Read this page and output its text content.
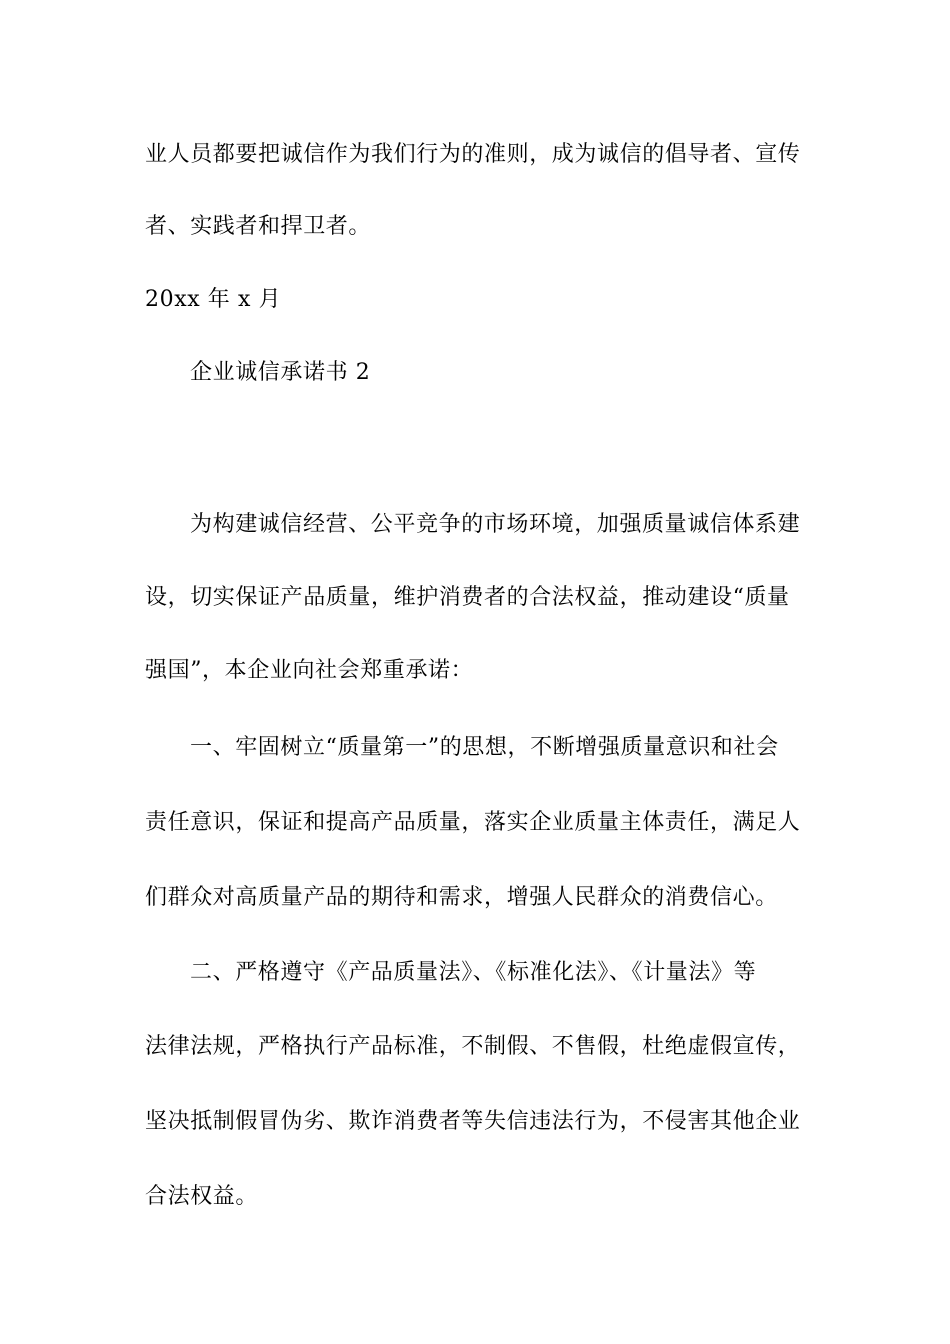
业人员都要把诚信作为我们行为的准则，成为诚信的倡导者、宣传
者、实践者和捍卫者。
20xx 年 x 月
企业诚信承诺书 2
为构建诚信经营、公平竞争的市场环境，加强质量诚信体系建
设，切实保证产品质量，维护消费者的合法权益，推动建设“质量
强国”，本企业向社会郑重承诺：
一、牢固树立“质量第一”的思想，不断增强质量意识和社会
责任意识，保证和提高产品质量，落实企业质量主体责任，满足人
们群众对高质量产品的期待和需求，增强人民群众的消费信心。
二、严格遵守《产品质量法》、《标准化法》、《计量法》等
法律法规，严格执行产品标准，不制假、不售假，杜绝虚假宣传，
坚决抵制假冒伪劣、欺诈消费者等失信违法行为，不侵害其他企业
合法权益。
